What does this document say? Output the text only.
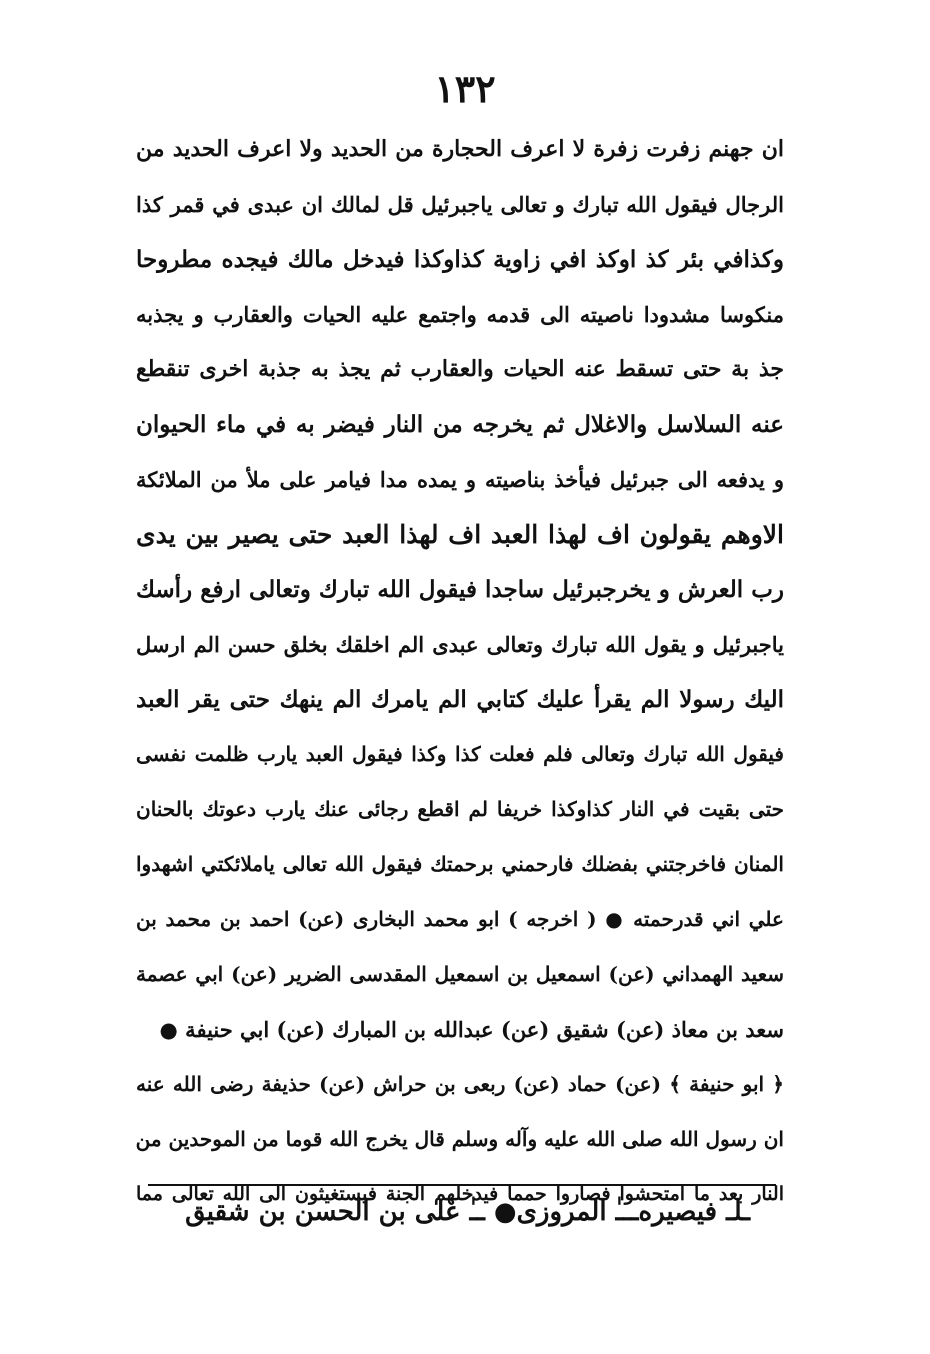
١٣٢
ان جهنم زفرت زفرة لا اعرف الحجارة من الحديد ولا اعرف الحديد من
الرجال فيقول الله تبارك و تعالى ياجبرئيل قل لمالك ان عبدى في قمر كذا
وكذافي بئر كذ اوكذ افي زاوية كذاوكذا فيدخل مالك فيجده مطروحا
منكوسا مشدودا ناصيته الى قدمه واجتمع عليه الحيات والعقارب و يجذبه
جذ بة حتى تسقط عنه الحيات والعقارب ثم يجذ به جذبة اخرى تنقطع
عنه السلاسل والاغلال ثم يخرجه من النار فيضر به في ماء الحيوان
و يدفعه الى جبرئيل فيأخذ بناصيته و يمده مدا فيامر على ملأ من الملائكة
الاوهم يقولون اف لهذا العبد اف لهذا العبد حتى يصير بين يدى
رب العرش و يخرجبرئيل ساجدا فيقول الله تبارك وتعالى ارفع رأسك
ياجبرئيل و يقول الله تبارك وتعالى عبدى الم اخلقك بخلق حسن الم ارسل
اليك رسولا الم يقرأ عليك كتابي الم يامرك الم ينهك حتى يقر العبد
فيقول الله تبارك وتعالى فلم فعلت كذا وكذا فيقول العبد يارب ظلمت نفسى
حتى بقيت في النار كذاوكذا خريفا لم اقطع رجائى عنك يارب دعوتك بالحنان
المنان فاخرجتني بفضلك فارحمني برحمتك فيقول الله تعالى ياملائكتي اشهدوا
علي اني قدرحمته ● ( اخرجه ) ابو محمد البخارى (عن) احمد بن محمد بن
سعيد الهمداني (عن) اسمعيل بن اسمعيل المقدسى الضرير (عن) ابي عصمة
سعد بن معاذ (عن) شقيق (عن) عبدالله بن المبارك (عن) ابي حنيفة ●
﴿ ابو حنيفة ﴾ (عن) حماد (عن) ربعى بن حراش (عن) حذيفة رضى الله عنه
ان رسول الله صلى الله عليه وآله وسلم قال يخرج الله قوما من الموحدين من
النار بعد ما امتحشوا فصاروا حمما فيدخلهم الجنة فيستغيثون الى الله تعالى مما
ـلـ فيصيره
ـــٰ المروزى
● ــٰ على بن الحسن بن شقيق
